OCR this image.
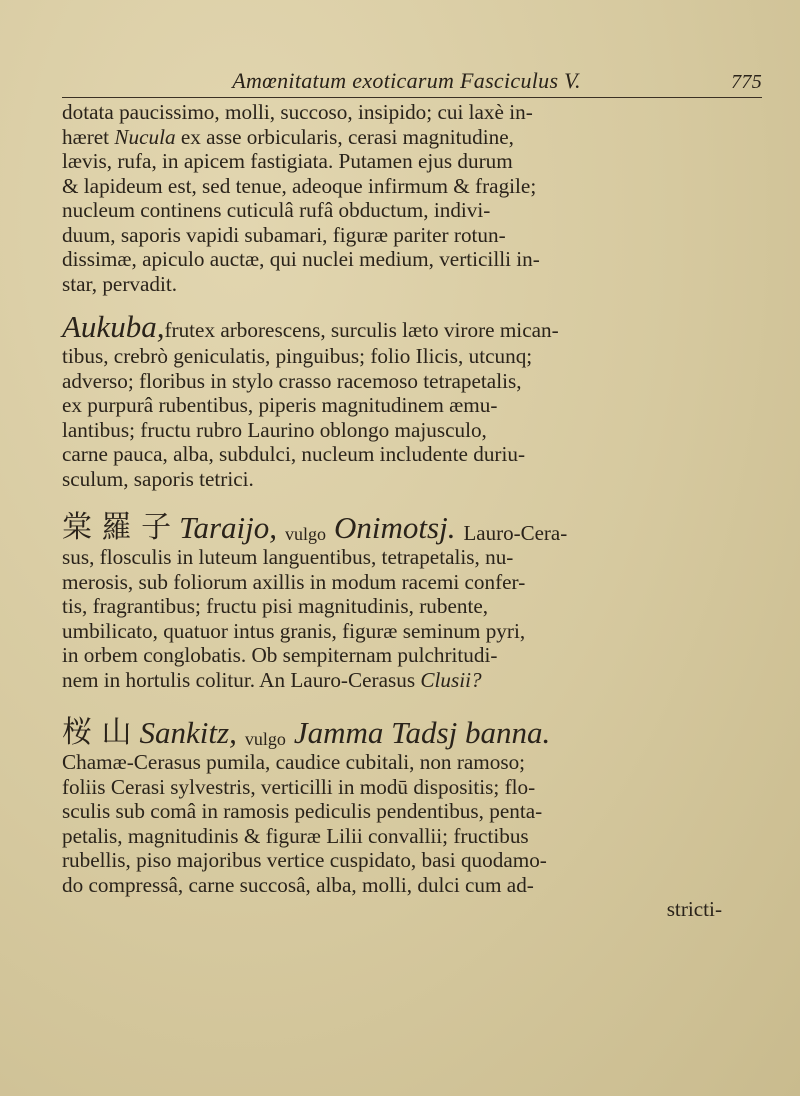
Amœnitatum exoticarum Fasciculus V.	775
dotata paucissimo, molli, succoso, insipido; cui laxè in-
hæret Nucula ex asse orbicularis, cerasi magnitudine,
lævis, rufa, in apicem fastigiata. Putamen ejus durum
& lapideum est, sed tenue, adeoque infirmum & fragile;
nucleum continens cuticulâ rufâ obductum, indivi-
duum, saporis vapidi subamari, figuræ pariter rotun-
dissimæ, apiculo auctæ, qui nuclei medium, verticilli in-
star, pervadit.
Aukuba,frutex arborescens, surculis læto virore mican-
tibus, crebrò geniculatis, pinguibus; folio Ilicis, utcunq;
adverso; floribus in stylo crasso racemoso tetrapetalis,
ex purpurâ rubentibus, piperis magnitudinem æmu-
lantibus; fructu rubro Laurino oblongo majusculo,
carne pauca, alba, subdulci, nucleum includente duriu-
sculum, saporis tetrici.
棠 羅 子 Taraijo, vulgo Onimotsj. Lauro-Cera-
sus, flosculis in luteum languentibus, tetrapetalis, nu-
merosis, sub foliorum axillis in modum racemi confer-
tis, fragrantibus; fructu pisi magnitudinis, rubente,
umbilicato, quatuor intus granis, figuræ seminum pyri,
in orbem conglobatis. Ob sempiternam pulchritudi-
nem in hortulis colitur. An Lauro-Cerasus Clusii?
桜 山 Sankitz, vulgo Jamma Tadsj banna.
Chamæ-Cerasus pumila, caudice cubitali, non ramoso;
foliis Cerasi sylvestris, verticilli in modū dispositis; flo-
sculis sub comâ in ramosis pediculis pendentibus, penta-
petalis, magnitudinis & figuræ Lilii convallii; fructibus
rubellis, piso majoribus vertice cuspidato, basi quodamo-
do compressâ, carne succosâ, alba, molli, dulci cum ad-
stricti-
